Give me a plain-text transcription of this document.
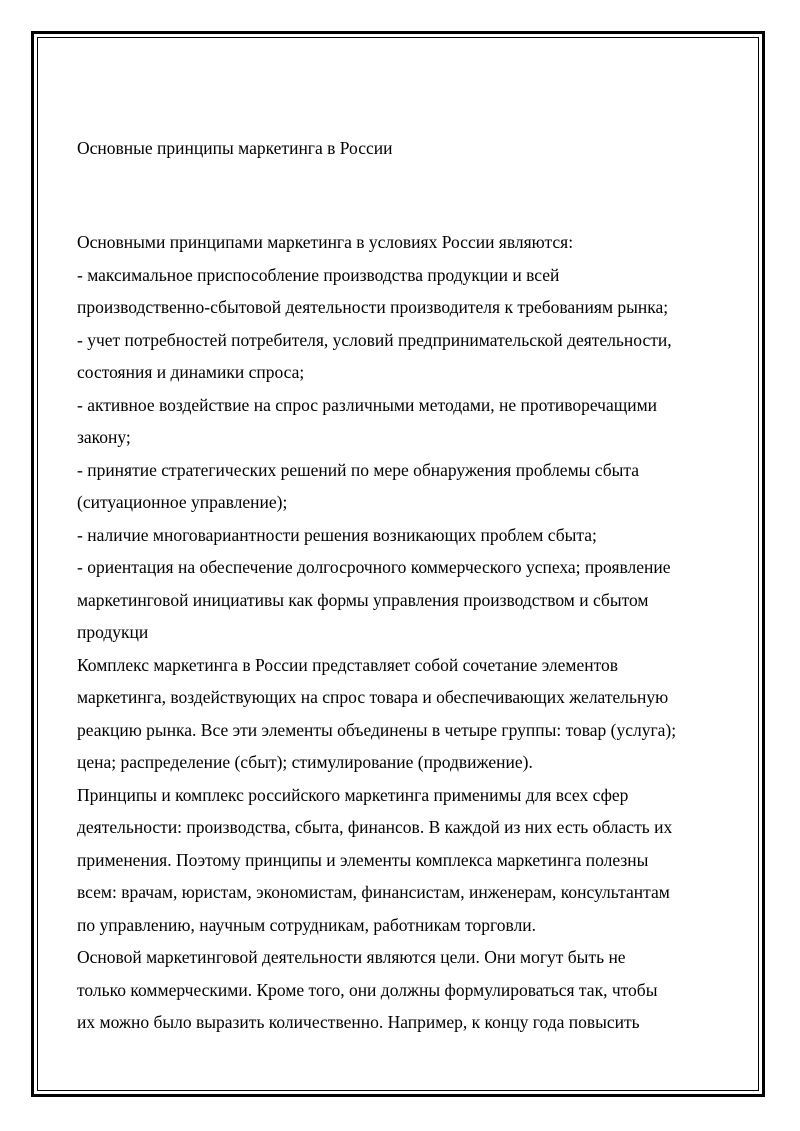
Основные принципы маркетинга в России
Основными принципами маркетинга в условиях России являются:
- максимальное приспособление производства продукции и всей
производственно-сбытовой деятельности производителя к требованиям рынка;
- учет потребностей потребителя, условий предпринимательской деятельности,
состояния и динамики спроса;
- активное воздействие на спрос различными методами, не противоречащими
закону;
- принятие стратегических решений по мере обнаружения проблемы сбыта
(ситуационное управление);
- наличие многовариантности решения возникающих проблем сбыта;
- ориентация на обеспечение долгосрочного коммерческого успеха; проявление
маркетинговой инициативы как формы управления производством и сбытом
продукци
Комплекс маркетинга в России представляет собой сочетание элементов
маркетинга, воздействующих на спрос товара и обеспечивающих желательную
реакцию рынка. Все эти элементы объединены в четыре группы: товар (услуга);
цена; распределение (сбыт); стимулирование (продвижение).
Принципы и комплекс российского маркетинга применимы для всех сфер
деятельности: производства, сбыта, финансов. В каждой из них есть область их
применения. Поэтому принципы и элементы комплекса маркетинга полезны
всем: врачам, юристам, экономистам, финансистам, инженерам, консультантам
по управлению, научным сотрудникам, работникам торговли.
Основой маркетинговой деятельности являются цели. Они могут быть не
только коммерческими. Кроме того, они должны формулироваться так, чтобы
их можно было выразить количественно. Например, к концу года повысить
